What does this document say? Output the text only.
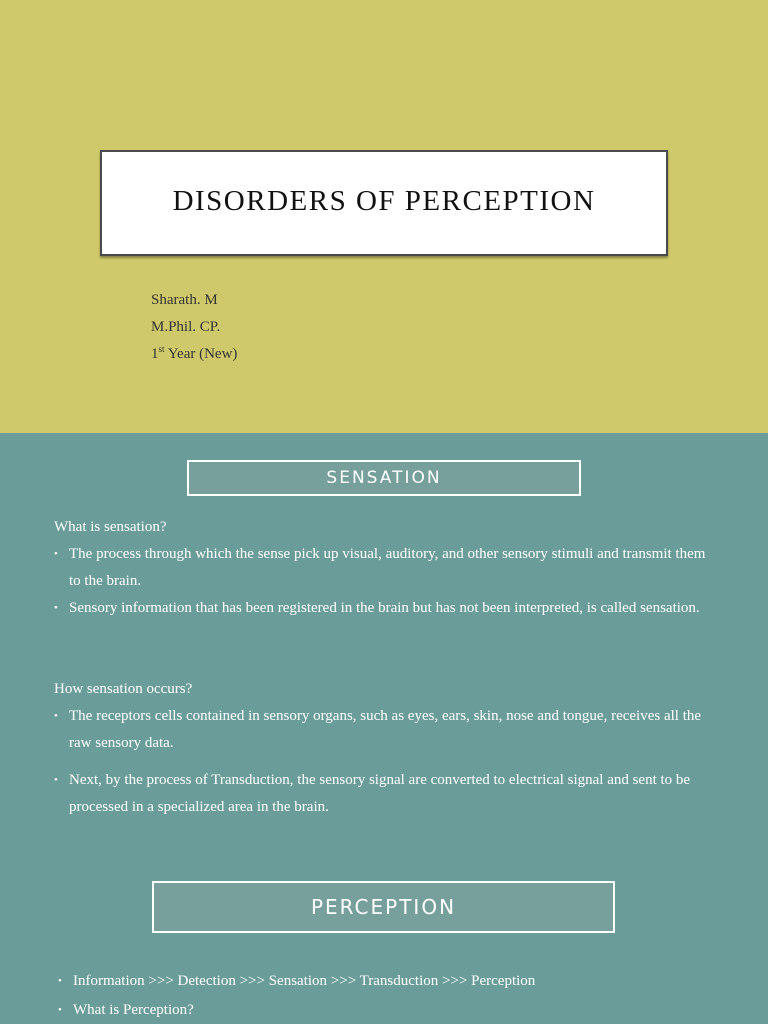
DISORDERS OF PERCEPTION
Sharath. M
M.Phil. CP.
1st Year (New)
SENSATION
What is sensation?
• The process through which the sense pick up visual, auditory, and other sensory stimuli and transmit them to the brain.
• Sensory information that has been registered in the brain but has not been interpreted, is called sensation.
How sensation occurs?
• The receptors cells contained in sensory organs, such as eyes, ears, skin, nose and tongue, receives all the raw sensory data.
• Next, by the process of Transduction, the sensory signal are converted to electrical signal and sent to be processed in a specialized area in the brain.
PERCEPTION
• Information >>> Detection >>> Sensation >>> Transduction >>> Perception
• What is Perception?
